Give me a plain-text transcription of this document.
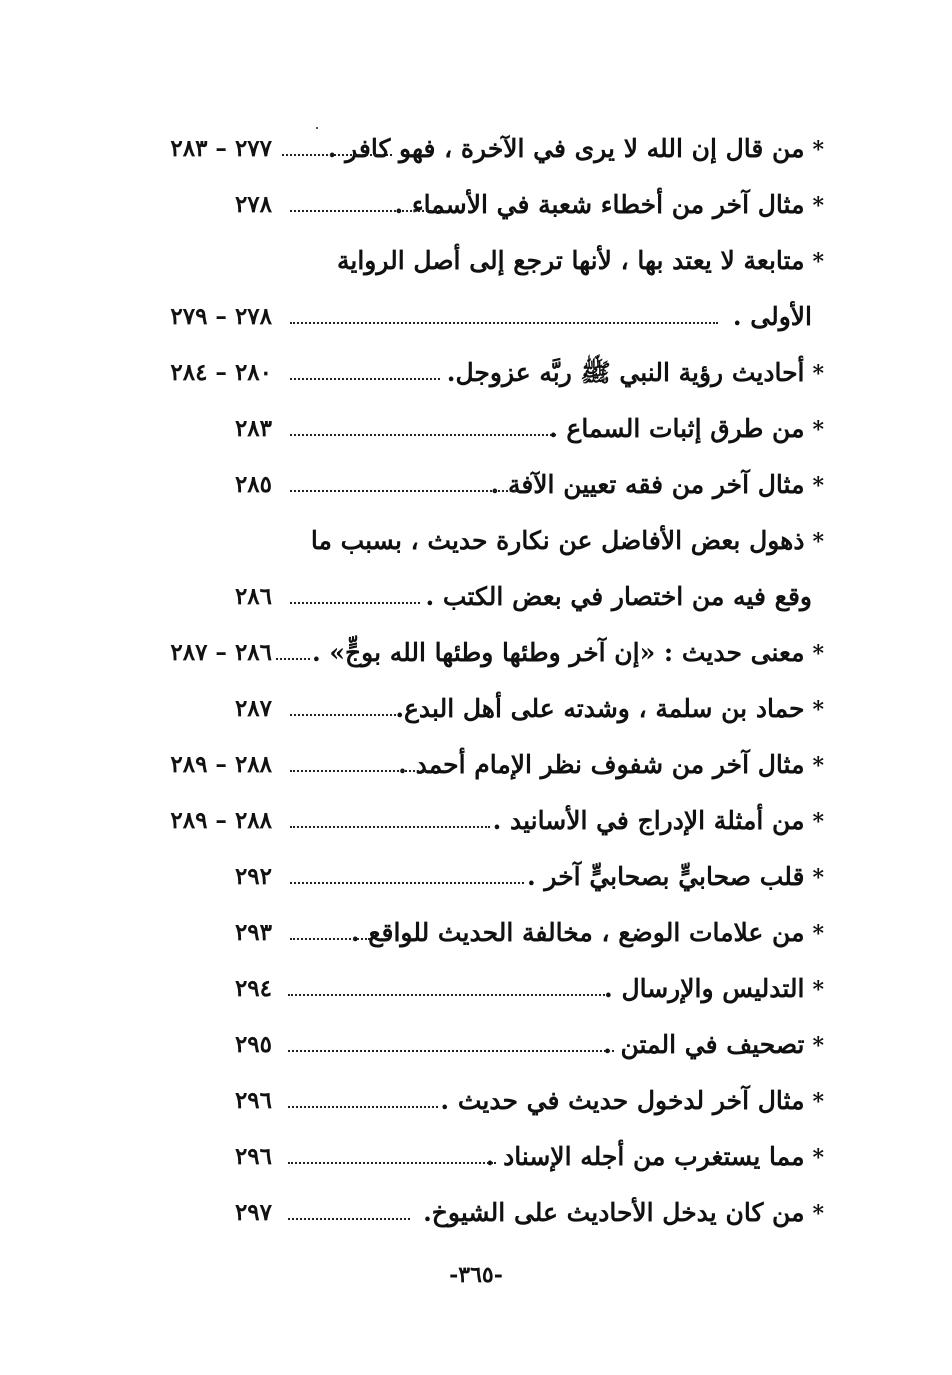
*من قال إن الله لا يرى في الآخرة ، فهو كافر .
٢٧٧ – ٢٨٣
*مثال آخر من أخطاء شعبة في الأسماء .
٢٧٨
*متابعة لا يعتد بها ، لأنها ترجع إلى أصل الرواية
الأولى .
٢٧٨ – ٢٧٩
*أحاديث رؤية النبي ﷺ ربَّه عزوجل.
٢٨٠ – ٢٨٤
*من طرق إثبات السماع .
٢٨٣
*مثال آخر من فقه تعيين الآفة .
٢٨٥
*ذهول بعض الأفاضل عن نكارة حديث ، بسبب ما
وقع فيه من اختصار في بعض الكتب .
٢٨٦
*معنى حديث : «إن آخر وطئها وطئها الله بوجٍّ» .
٢٨٦ – ٢٨٧
*حماد بن سلمة ، وشدته على أهل البدع.
٢٨٧
*مثال آخر من شفوف نظر الإمام أحمد .
٢٨٨ – ٢٨٩
*من أمثلة الإدراج في الأسانيد .
٢٨٨ – ٢٨٩
*قلب صحابيٍّ بصحابيٍّ آخر .
٢٩٢
*من علامات الوضع ، مخالفة الحديث للواقع .
٢٩٣
*التدليس والإرسال .
٢٩٤
*تصحيف في المتن .
٢٩٥
*مثال آخر لدخول حديث في حديث .
٢٩٦
*مما يستغرب من أجله الإسناد .
٢٩٦
*من كان يدخل الأحاديث على الشيوخ.
٢٩٧
-٣٦٥-
